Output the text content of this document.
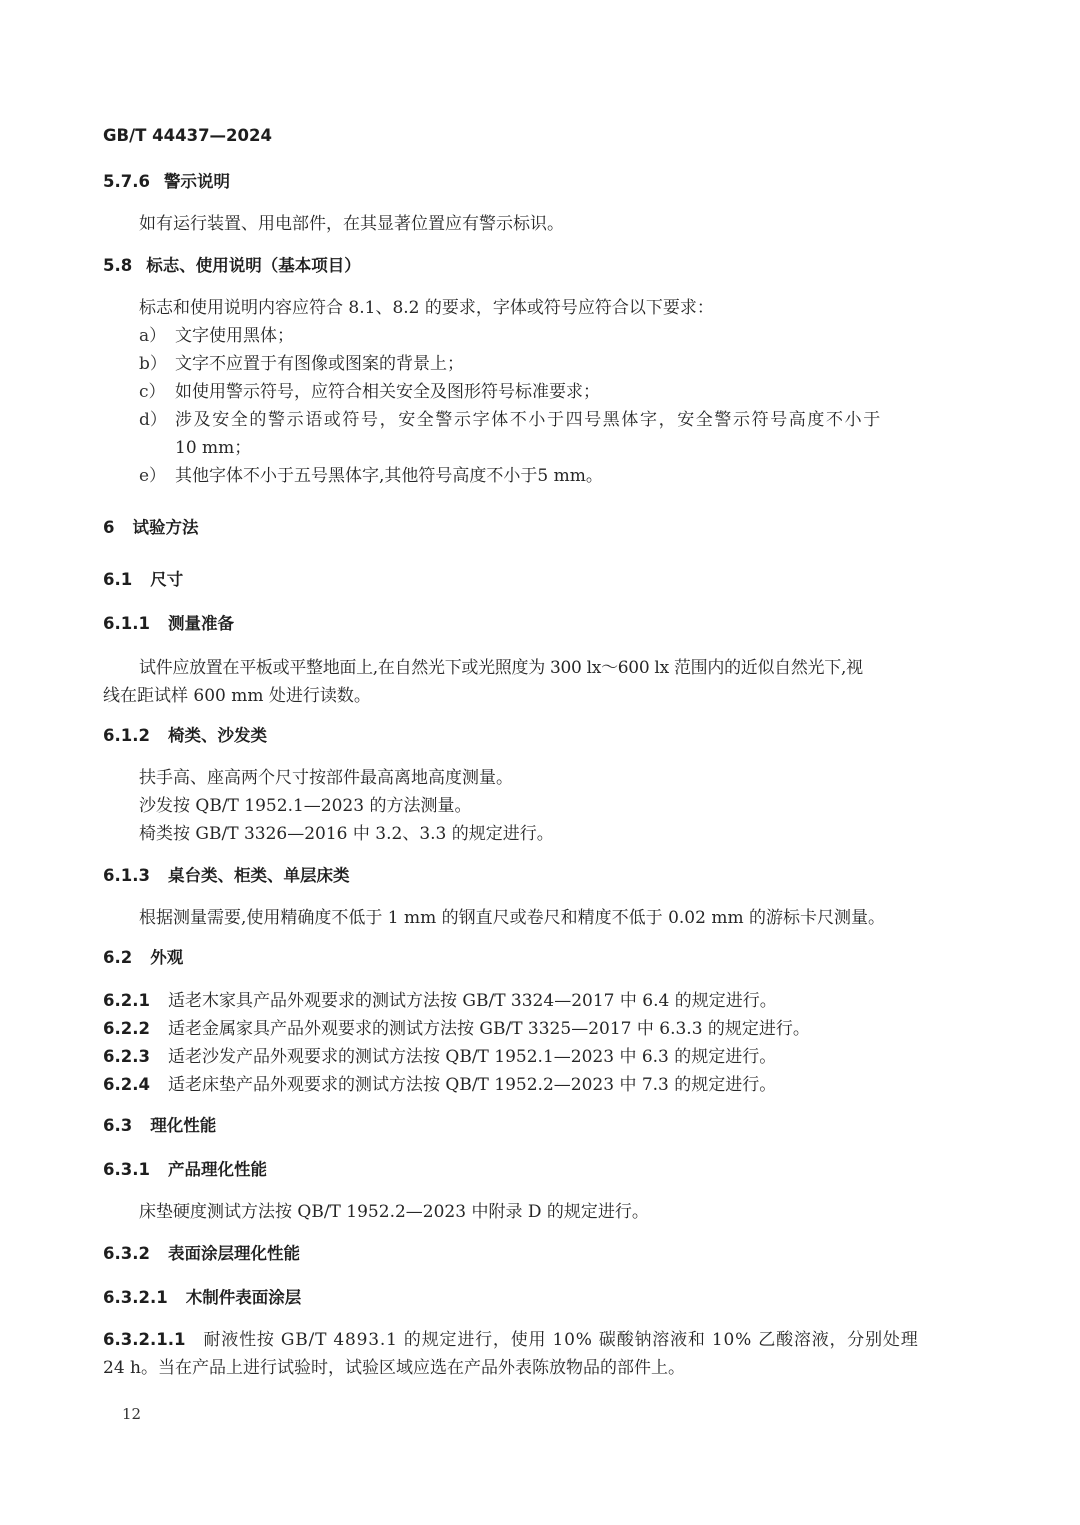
GB/T 44437—2024
5.7.6 警示说明
如有运行装置、用电部件，在其显著位置应有警示标识。
5.8 标志、使用说明（基本项目）
标志和使用说明内容应符合 8.1、8.2 的要求，字体或符号应符合以下要求：
a） 文字使用黑体；
b） 文字不应置于有图像或图案的背景上；
c） 如使用警示符号，应符合相关安全及图形符号标准要求；
d） 涉及安全的警示语或符号，安全警示字体不小于四号黑体字，安全警示符号高度不小于
10 mm；
e） 其他字体不小于五号黑体字,其他符号高度不小于5 mm。
6 试验方法
6.1 尺寸
6.1.1 测量准备
试件应放置在平板或平整地面上,在自然光下或光照度为 300 lx～600 lx 范围内的近似自然光下,视
线在距试样 600 mm 处进行读数。
6.1.2 椅类、沙发类
扶手高、座高两个尺寸按部件最高离地高度测量。
沙发按 QB/T 1952.1—2023 的方法测量。
椅类按 GB/T 3326—2016 中 3.2、3.3 的规定进行。
6.1.3 桌台类、柜类、单层床类
根据测量需要,使用精确度不低于 1 mm 的钢直尺或卷尺和精度不低于 0.02 mm 的游标卡尺测量。
6.2 外观
6.2.1 适老木家具产品外观要求的测试方法按 GB/T 3324—2017 中 6.4 的规定进行。
6.2.2 适老金属家具产品外观要求的测试方法按 GB/T 3325—2017 中 6.3.3 的规定进行。
6.2.3 适老沙发产品外观要求的测试方法按 QB/T 1952.1—2023 中 6.3 的规定进行。
6.2.4 适老床垫产品外观要求的测试方法按 QB/T 1952.2—2023 中 7.3 的规定进行。
6.3 理化性能
6.3.1 产品理化性能
床垫硬度测试方法按 QB/T 1952.2—2023 中附录 D 的规定进行。
6.3.2 表面涂层理化性能
6.3.2.1 木制件表面涂层
6.3.2.1.1 耐液性按 GB/T 4893.1 的规定进行，使用 10% 碳酸钠溶液和 10% 乙酸溶液，分别处理
24 h。当在产品上进行试验时，试验区域应选在产品外表陈放物品的部件上。
12
